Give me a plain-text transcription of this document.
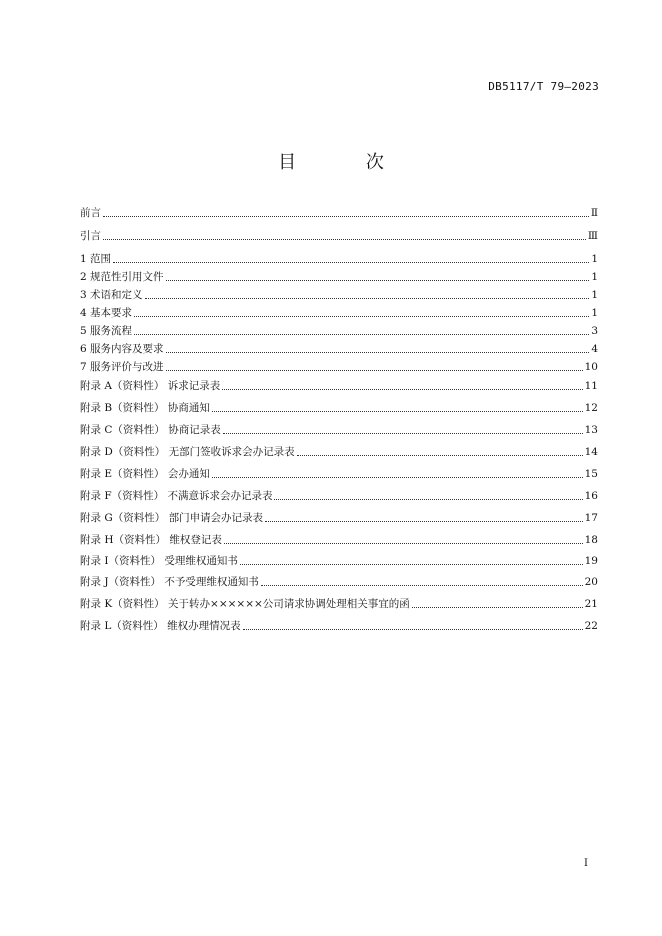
DB5117/T 79—2023
目 次
前言	Ⅱ
引言	Ⅲ
1 范围	1
2 规范性引用文件	1
3 术语和定义	1
4 基本要求	1
5 服务流程	3
6 服务内容及要求	4
7 服务评价与改进	10
附录 A（资料性） 诉求记录表	11
附录 B（资料性） 协商通知	12
附录 C（资料性） 协商记录表	13
附录 D（资料性） 无部门签收诉求会办记录表	14
附录 E（资料性） 会办通知	15
附录 F（资料性） 不满意诉求会办记录表	16
附录 G（资料性） 部门申请会办记录表	17
附录 H（资料性） 维权登记表	18
附录 I（资料性） 受理维权通知书	19
附录 J（资料性） 不予受理维权通知书	20
附录 K（资料性） 关于转办××××××公司请求协调处理相关事宜的函	21
附录 L（资料性） 维权办理情况表	22
I
